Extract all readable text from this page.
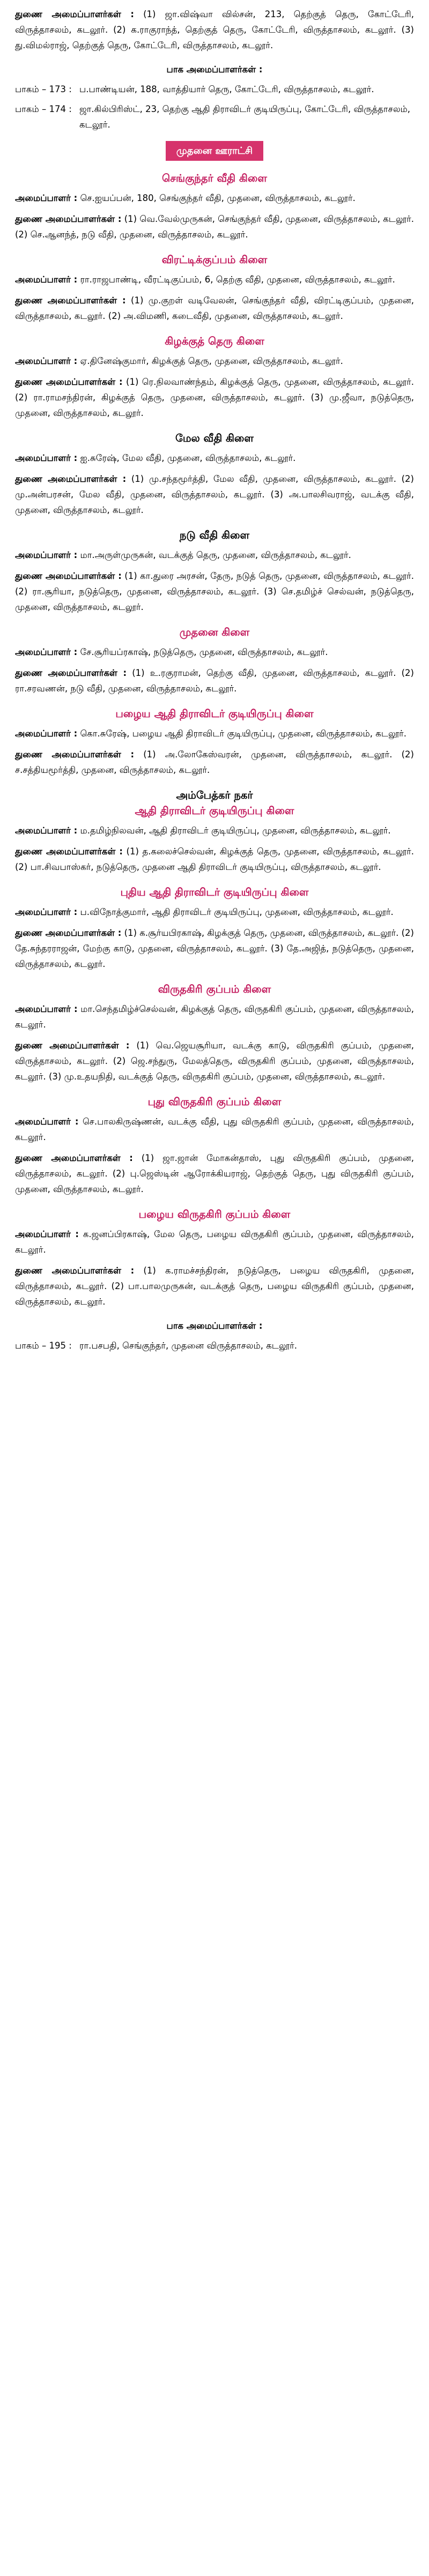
துணை அமைப்பாளர்கள் : (1) ஜா.விஷ்வா வில்சன், 213, தெற்குத் தெரு, கோட்டேரி, விருத்தாசலம், கடலூர். (2) க.ராகுராந்த், தெற்குத் தெரு, கோட்டேரி, விருத்தாசலம், கடலூர். (3) து.விமல்ராஜ், தெற்குத் தெரு, கோட்டேரி, விருத்தாசலம், கடலூர்.

பாக அமைப்பாளர்கள் :
பாகம் – 173 : ப.பாண்டியன், 188, வாத்தியார் தெரு, கோட்டேரி, விருத்தாசலம், கடலூர்.
பாகம் – 174 : ஜா.கில்பிரிஸ்ட், 23, தெற்கு ஆதி திராவிடர் குடியிருப்பு, கோட்டேரி, விருத்தாசலம், கடலூர்.
முதனை ஊராட்சி
செங்குந்தர் வீதி கிளை

அமைப்பாளர் : செ.ஐயப்பன், 180, செங்குந்தர் வீதி, முதனை, விருத்தாசலம், கடலூர்.

துணை அமைப்பாளர்கள் : (1) வெ.வேல்முருகன், செங்குந்தர் வீதி, முதனை, விருத்தாசலம், கடலூர். (2) செ.ஆனந்த், நடு வீதி, முதனை, விருத்தாசலம், கடலூர்.

விரட்டிக்குப்பம் கிளை

அமைப்பாளர் : ரா.ராஜபாண்டி, வீரட்டிகுப்பம், 6, தெற்கு வீதி, முதனை, விருத்தாசலம், கடலூர்.

துணை அமைப்பாளர்கள் : (1) மு.குறள் வடிவேலன், செங்குந்தர் வீதி, விரட்டிகுப்பம், முதனை, விருத்தாசலம், கடலூர். (2) அ.விமணி, கடைவீதி, முதனை, விருத்தாசலம், கடலூர்.

கிழக்குத் தெரு கிளை

அமைப்பாளர் : ஏ.தினேஷ்குமார், கிழக்குத் தெரு, முதனை, விருத்தாசலம், கடலூர்.

துணை அமைப்பாளர்கள் : (1) ரெ.நிலவாண்ந்தம், கிழக்குத் தெரு, முதனை, விருத்தாசலம், கடலூர். (2) ரா.ராமசந்திரன், கிழக்குத் தெரு, முதனை, விருத்தாசலம், கடலூர். (3) மு.ஜீவா, நடுத்தெரு, முதனை, விருத்தாசலம், கடலூர்.

மேல வீதி கிளை

அமைப்பாளர் : ஐ.சுரேஷ், மேல வீதி, முதனை, விருத்தாசலம், கடலூர்.

துணை அமைப்பாளர்கள் : (1) மு.சந்தமூர்த்தி, மேல வீதி, முதனை, விருத்தாசலம், கடலூர். (2) மு.அன்பரசன், மேல வீதி, முதனை, விருத்தாசலம், கடலூர். (3) அ.பாலசிவராஜ், வடக்கு வீதி, முதனை, விருத்தாசலம், கடலூர்.

நடு வீதி கிளை

அமைப்பாளர் : மா.அருள்முருகன், வடக்குத் தெரு, முதனை, விருத்தாசலம், கடலூர்.

துணை அமைப்பாளர்கள் : (1) கா.துரை அரசன், தேரு, நடுத் தெரு, முதனை, விருத்தாசலம், கடலூர். (2) ரா.சூரியா, நடுத்தெரு, முதனை, விருத்தாசலம், கடலூர். (3) செ.தமிழ்ச் செல்வன், நடுத்தெரு, முதனை, விருத்தாசலம், கடலூர்.

முதனை கிளை

அமைப்பாளர் : சே.சூரியப்ரகாஷ், நடுத்தெரு, முதனை, விருத்தாசலம், கடலூர்.

துணை அமைப்பாளர்கள் : (1) உ.ரகுராமன், தெற்கு வீதி, முதனை, விருத்தாசலம், கடலூர். (2) ரா.சரவணன், நடு வீதி, முதனை, விருத்தாசலம், கடலூர்.

பழைய ஆதி திராவிடர் குடியிருப்பு கிளை

அமைப்பாளர் : கொ.சுரேஷ், பழைய ஆதி திராவிடர் குடியிருப்பு, முதனை, விருத்தாசலம், கடலூர்.

துணை அமைப்பாளர்கள் : (1) அ.லோகேஸ்வரன், முதனை, விருத்தாசலம், கடலூர். (2) ச.சத்தியமூர்த்தி, முதனை, விருத்தாசலம், கடலூர்.

அம்பேத்கர் நகர்
ஆதி திராவிடர் குடியிருப்பு கிளை

அமைப்பாளர் : ம.தமிழ்நிலவன், ஆதி திராவிடர் குடியிருப்பு, முதனை, விருத்தாசலம், கடலூர்.

துணை அமைப்பாளர்கள் : (1) த.கலைச்செல்வன், கிழக்குத் தெரு, முதனை, விருத்தாசலம், கடலூர். (2) பா.சிவபாஸ்கர், நடுத்தெரு, முதனை ஆதி திராவிடர் குடியிருப்பு, விருத்தாசலம், கடலூர்.

புதிய ஆதி திராவிடர் குடியிருப்பு கிளை

அமைப்பாளர் : ப.விநோத்குமார், ஆதி திராவிடர் குடியிருப்பு, முதனை, விருத்தாசலம், கடலூர்.

துணை அமைப்பாளர்கள் : (1) க.சூர்யபிரகாஷ், கிழக்குத் தெரு, முதனை, விருத்தாசலம், கடலூர். (2) தே.சுந்தரராஜன், மேற்கு காடு, முதனை, விருத்தாசலம், கடலூர். (3) தே.அஜித், நடுத்தெரு, முதனை, விருத்தாசலம், கடலூர்.

விருதகிரி குப்பம் கிளை

அமைப்பாளர் : மா.செந்தமிழ்ச்செல்வன், கிழக்குத் தெரு, விருதகிரி குப்பம், முதனை, விருத்தாசலம், கடலூர்.

துணை அமைப்பாளர்கள் : (1) வெ.ஜெயசூரியா, வடக்கு காடு, விருதகிரி குப்பம், முதனை, விருத்தாசலம், கடலூர். (2) ஜெ.சந்துரு, மேலத்தெரு, விருதகிரி குப்பம், முதனை, விருத்தாசலம், கடலூர். (3) மு.உதயநிதி, வடக்குத் தெரு, விருதகிரி குப்பம், முதனை, விருத்தாசலம், கடலூர்.

புது விருதகிரி குப்பம் கிளை

அமைப்பாளர் : செ.பாலகிருஷ்ணன், வடக்கு வீதி, புது விருதகிரி குப்பம், முதனை, விருத்தாசலம், கடலூர்.

துணை அமைப்பாளர்கள் : (1) ஜா.ஜான் மோகன்தாஸ், புது விருதகிரி குப்பம், முதனை, விருத்தாசலம், கடலூர். (2) பு.ஜெஸ்டின் ஆரோக்கியராஜ், தெற்குத் தெரு, புது விருதகிரி குப்பம், முதனை, விருத்தாசலம், கடலூர்.

பழைய விருதகிரி குப்பம் கிளை

அமைப்பாளர் : க.ஜனப்பிரகாஷ், மேல தெரு, பழைய விருதகிரி குப்பம், முதனை, விருத்தாசலம், கடலூர்.

துணை அமைப்பாளர்கள் : (1) க.ராமச்சந்திரன், நடுத்தெரு, பழைய விருதகிரி, முதனை, விருத்தாசலம், கடலூர். (2) பா.பாலமுருகன், வடக்குத் தெரு, பழைய விருதகிரி குப்பம், முதனை, விருத்தாசலம், கடலூர்.

பாக அமைப்பாளர்கள் :
பாகம் – 195 : ரா.பசபதி, செங்குந்தர், முதனை விருத்தாசலம், கடலூர்.
